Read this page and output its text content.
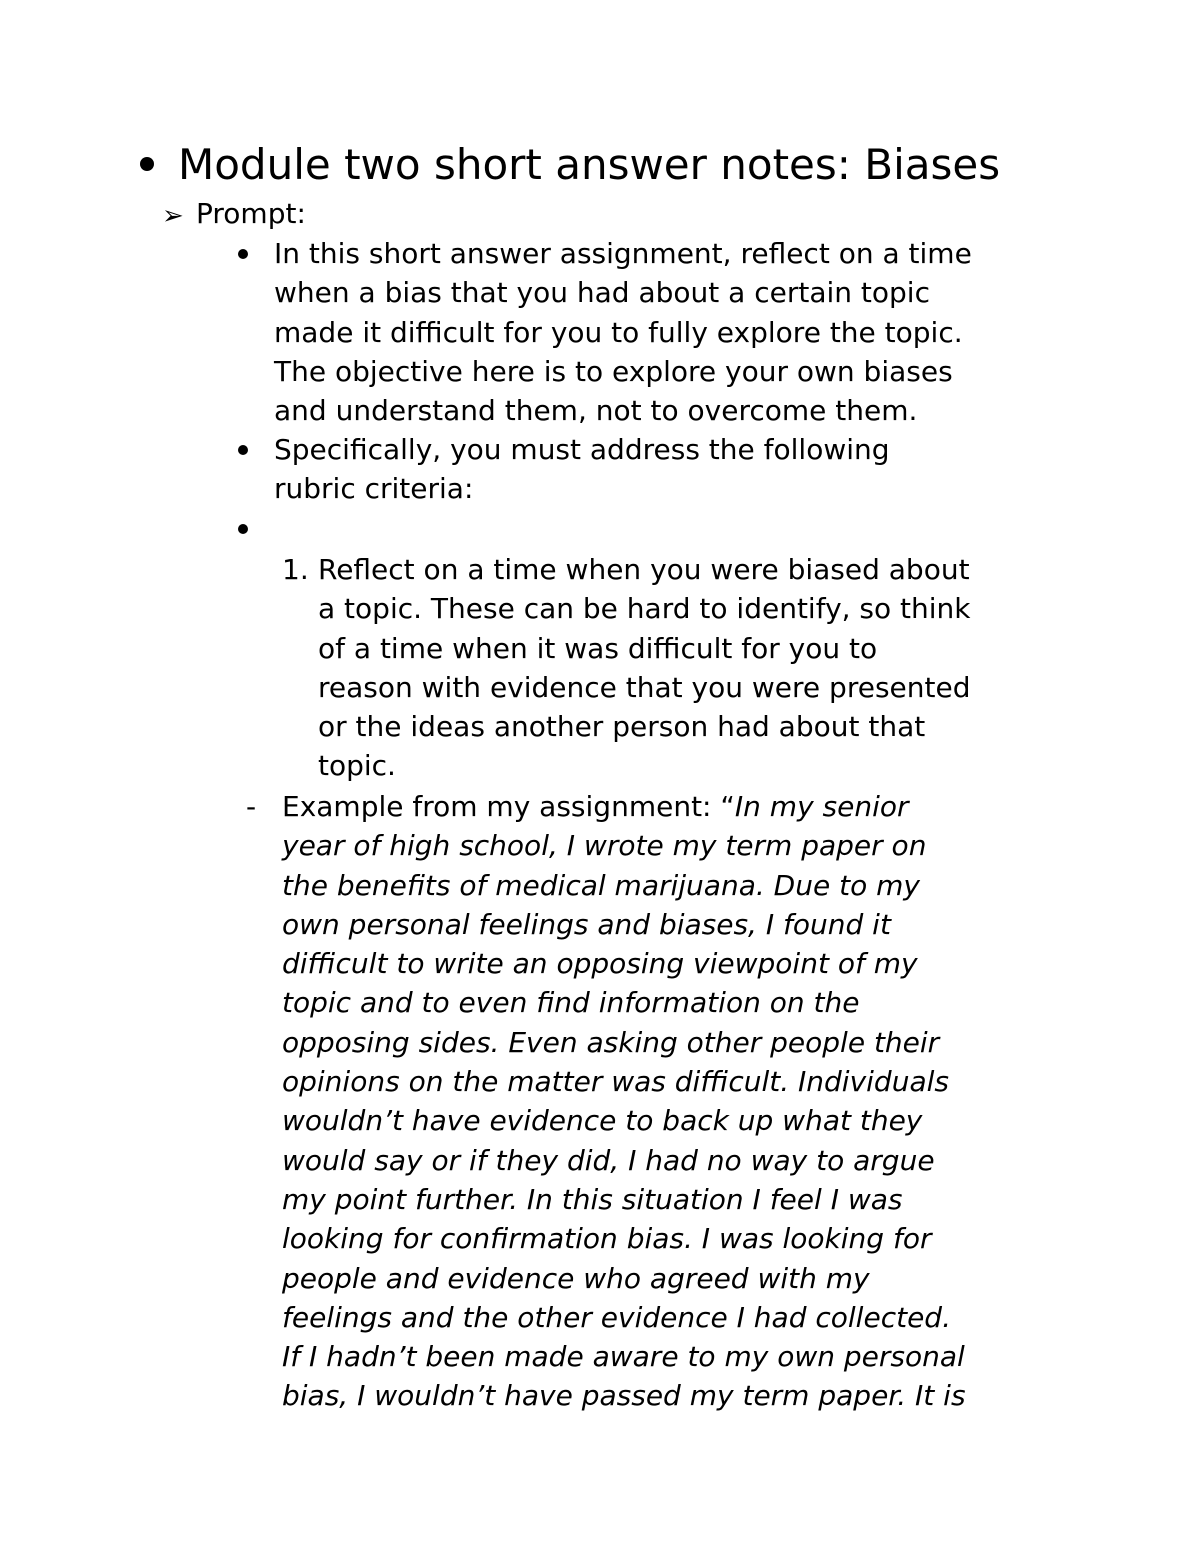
Module two short answer notes: Biases
➢ Prompt:
In this short answer assignment, reflect on a time
when a bias that you had about a certain topic
made it difficult for you to fully explore the topic.
The objective here is to explore your own biases
and understand them, not to overcome them.
Specifically, you must address the following
rubric criteria:
1. Reflect on a time when you were biased about
a topic. These can be hard to identify, so think
of a time when it was difficult for you to
reason with evidence that you were presented
or the ideas another person had about that
topic.
- Example from my assignment: “In my senior
year of high school, I wrote my term paper on
the benefits of medical marijuana. Due to my
own personal feelings and biases, I found it
difficult to write an opposing viewpoint of my
topic and to even find information on the
opposing sides. Even asking other people their
opinions on the matter was difficult. Individuals
wouldn’t have evidence to back up what they
would say or if they did, I had no way to argue
my point further. In this situation I feel I was
looking for confirmation bias. I was looking for
people and evidence who agreed with my
feelings and the other evidence I had collected.
If I hadn’t been made aware to my own personal
bias, I wouldn’t have passed my term paper. It is
